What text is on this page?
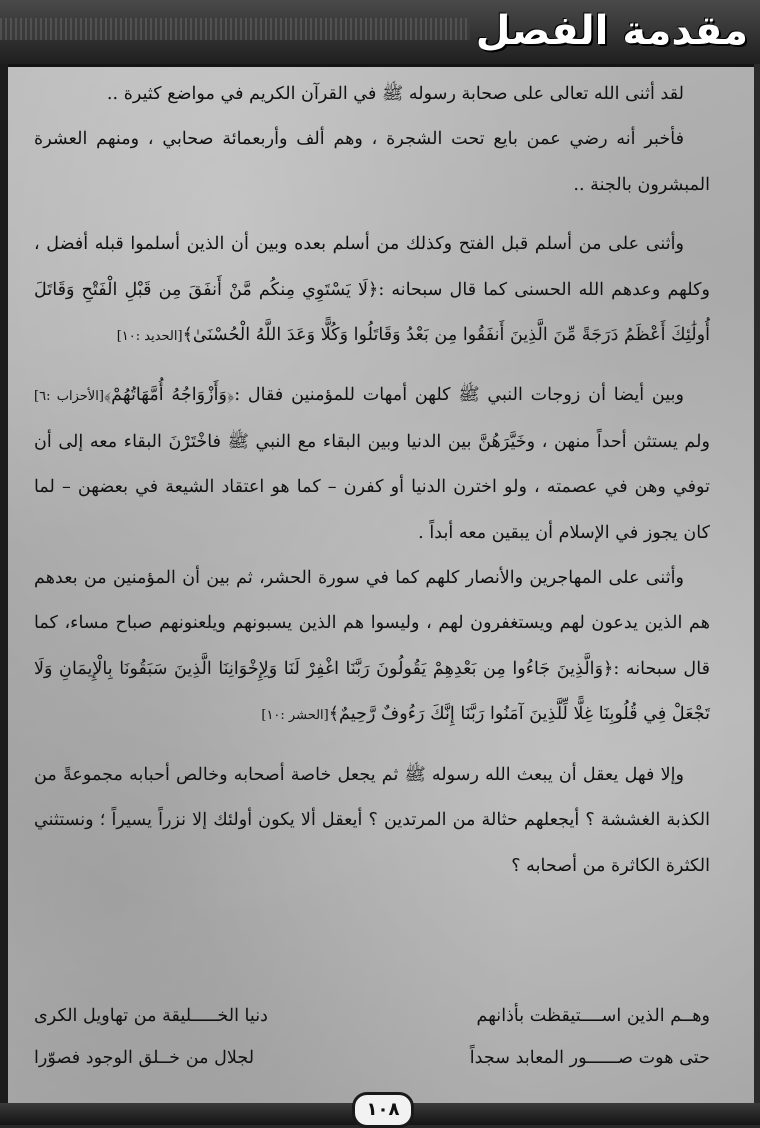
مقدمة الفصل

لقد أثنى الله تعالى على صحابة رسوله ﷺ في القرآن الكريم في مواضع كثيرة ..

فأخبر أنه رضي عمن بايع تحت الشجرة ، وهم ألف وأربعمائة صحابي ، ومنهم العشرة المبشرون بالجنة ..

وأثنى على من أسلم قبل الفتح وكذلك من أسلم بعده وبين أن الذين أسلموا قبله أفضل ، وكلهم وعدهم الله الحسنى كما قال سبحانه :﴿لَا يَسْتَوِي مِنكُم مَّنْ أَنفَقَ مِن قَبْلِ الْفَتْحِ وَقَاتَلَ أُولَٰئِكَ أَعْظَمُ دَرَجَةً مِّنَ الَّذِينَ أَنفَقُوا مِن بَعْدُ وَقَاتَلُوا وَكُلًّا وَعَدَ اللَّهُ الْحُسْنَىٰ﴾[الحديد :١٠]

وبين أيضا أن زوجات النبي ﷺ كلهن أمهات للمؤمنين فقال :﴿وَأَزْوَاجُهُ أُمَّهَاتُهُمْ﴾[الأحزاب :٦] ولم يستثن أحداً منهن ، وخَيَّرَهُنَّ بين الدنيا وبين البقاء مع النبي ﷺ فاخْتَرْنَ البقاء معه إلى أن توفي وهن في عصمته ، ولو اخترن الدنيا أو كفرن – كما هو اعتقاد الشيعة في بعضهن – لما كان يجوز في الإسلام أن يبقين معه أبداً .

وأثنى على المهاجرين والأنصار كلهم كما في سورة الحشر، ثم بين أن المؤمنين من بعدهم هم الذين يدعون لهم ويستغفرون لهم ، وليسوا هم الذين يسبونهم ويلعنونهم صباح مساء، كما قال سبحانه :﴿وَالَّذِينَ جَاءُوا مِن بَعْدِهِمْ يَقُولُونَ رَبَّنَا اغْفِرْ لَنَا وَلِإِخْوَانِنَا الَّذِينَ سَبَقُونَا بِالْإِيمَانِ وَلَا تَجْعَلْ فِي قُلُوبِنَا غِلًّا لِّلَّذِينَ آمَنُوا رَبَّنَا إِنَّكَ رَءُوفٌ رَّحِيمٌ﴾[الحشر :١٠]

وإلا فهل يعقل أن يبعث الله رسوله ﷺ ثم يجعل خاصة أصحابه وخالص أحبابه مجموعةً من الكذبة الغششة ؟ أيجعلهم حثالة من المرتدين ؟ أيعقل ألا يكون أولئك إلا نزراً يسيراً ؛ ونستثني الكثرة الكاثرة من أصحابه ؟

وهــم الذين اســــتيقظت بأذانهم
دنيا الخـــــليقة من تهاويل الكرى
حتى هوت صــــــور المعابد سجداً
لجلال من خــلق الوجود فصوّرا
١٠٨
